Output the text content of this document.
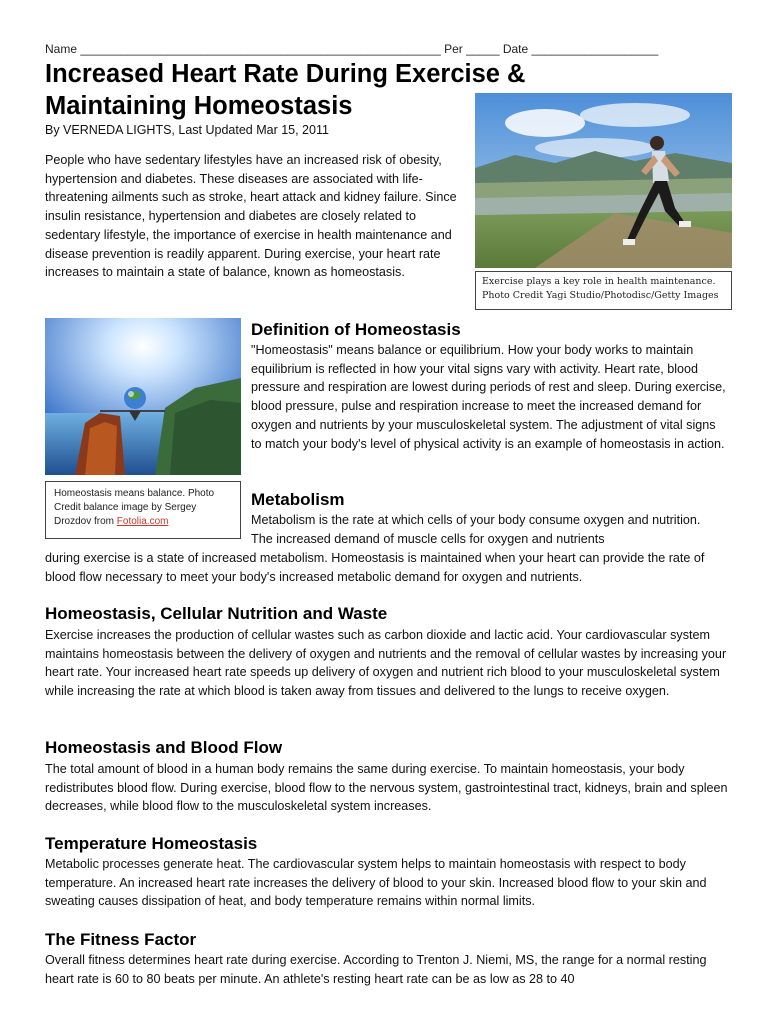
Name ______________________________________________________ Per _____ Date ___________________
Increased Heart Rate During Exercise & Maintaining Homeostasis
By VERNEDA LIGHTS, Last Updated Mar 15, 2011

People who have sedentary lifestyles have an increased risk of obesity, hypertension and diabetes. These diseases are associated with life-threatening ailments such as stroke, heart attack and kidney failure. Since insulin resistance, hypertension and diabetes are closely related to sedentary lifestyle, the importance of exercise in health maintenance and disease prevention is readily apparent. During exercise, your heart rate increases to maintain a state of balance, known as homeostasis.

Exercise plays a key role in health maintenance. Photo Credit Yagi Studio/Photodisc/Getty Images
Homeostasis means balance. Photo Credit balance image by Sergey Drozdov from Fotolia.com
Definition of Homeostasis

"Homeostasis" means balance or equilibrium. How your body works to maintain equilibrium is reflected in how your vital signs vary with activity. Heart rate, blood pressure and respiration are lowest during periods of rest and sleep. During exercise, blood pressure, pulse and respiration increase to meet the increased demand for oxygen and nutrients by your musculoskeletal system. The adjustment of vital signs to match your body's level of physical activity is an example of homeostasis in action.

Metabolism

Metabolism is the rate at which cells of your body consume oxygen and nutrition. The increased demand of muscle cells for oxygen and nutrients

during exercise is a state of increased metabolism. Homeostasis is maintained when your heart can provide the rate of blood flow necessary to meet your body's increased metabolic demand for oxygen and nutrients.

Homeostasis, Cellular Nutrition and Waste

Exercise increases the production of cellular wastes such as carbon dioxide and lactic acid. Your cardiovascular system maintains homeostasis between the delivery of oxygen and nutrients and the removal of cellular wastes by increasing your heart rate. Your increased heart rate speeds up delivery of oxygen and nutrient rich blood to your musculoskeletal system while increasing the rate at which blood is taken away from tissues and delivered to the lungs to receive oxygen.

Homeostasis and Blood Flow

The total amount of blood in a human body remains the same during exercise. To maintain homeostasis, your body redistributes blood flow. During exercise, blood flow to the nervous system, gastrointestinal tract, kidneys, brain and spleen decreases, while blood flow to the musculoskeletal system increases.

Temperature Homeostasis

Metabolic processes generate heat. The cardiovascular system helps to maintain homeostasis with respect to body temperature. An increased heart rate increases the delivery of blood to your skin. Increased blood flow to your skin and sweating causes dissipation of heat, and body temperature remains within normal limits.

The Fitness Factor

Overall fitness determines heart rate during exercise. According to Trenton J. Niemi, MS, the range for a normal resting heart rate is 60 to 80 beats per minute. An athlete's resting heart rate can be as low as 28 to 40
